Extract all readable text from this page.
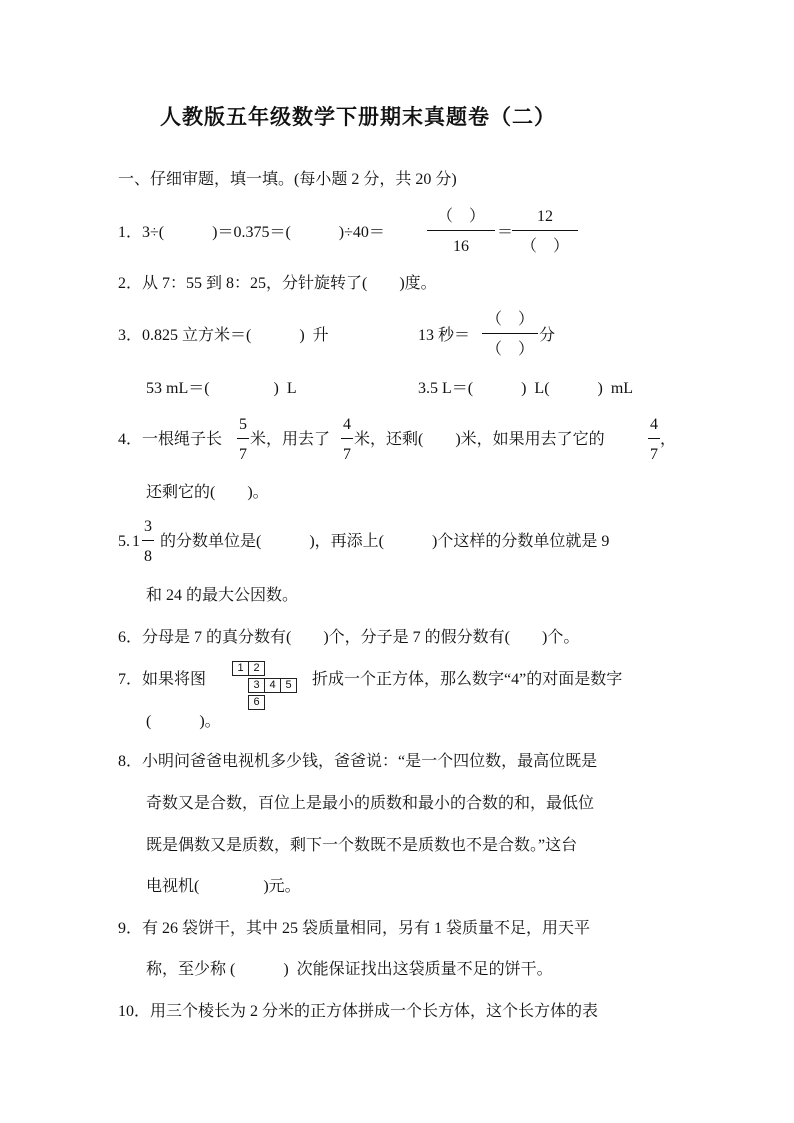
人教版五年级数学下册期末真题卷（二）
一、仔细审题，填一填。(每小题 2 分，共 20 分)
1．3÷(　　　)＝0.375＝(　　　)÷40＝
（　）
16
＝
12
（　）
2．从 7：55 到 8：25，分针旋转了(　　)度。
3．0.825 立方米＝(　　　)  升	13 秒＝
（　）
（　）
分
53 mL＝(　　　　)  L	3.5 L＝(　　　)  L(　　　)  mL
4．一根绳子长
5
7
米，用去了
4
7
米，还剩(　　)米，如果用去了它的
4
7
，
还剩它的(　　)。
5. 1
3
8
的分数单位是(　　　)，再添上(　　　)个这样的分数单位就是 9
和 24 的最大公因数。
6．分母是 7 的真分数有(　　)个，分子是 7 的假分数有(　　)个。
7．如果将图
1 2
3 4 5
6
折成一个正方体，那么数字“4”的对面是数字
(　　　)。
8．小明问爸爸电视机多少钱，爸爸说：“是一个四位数，最高位既是
奇数又是合数，百位上是最小的质数和最小的合数的和，最低位
既是偶数又是质数，剩下一个数既不是质数也不是合数。”这台
电视机(　　　　)元。
9．有 26 袋饼干，其中 25 袋质量相同，另有 1 袋质量不足，用天平
称，至少称 (　　　)  次能保证找出这袋质量不足的饼干。
10．用三个棱长为 2 分米的正方体拼成一个长方体，这个长方体的表
